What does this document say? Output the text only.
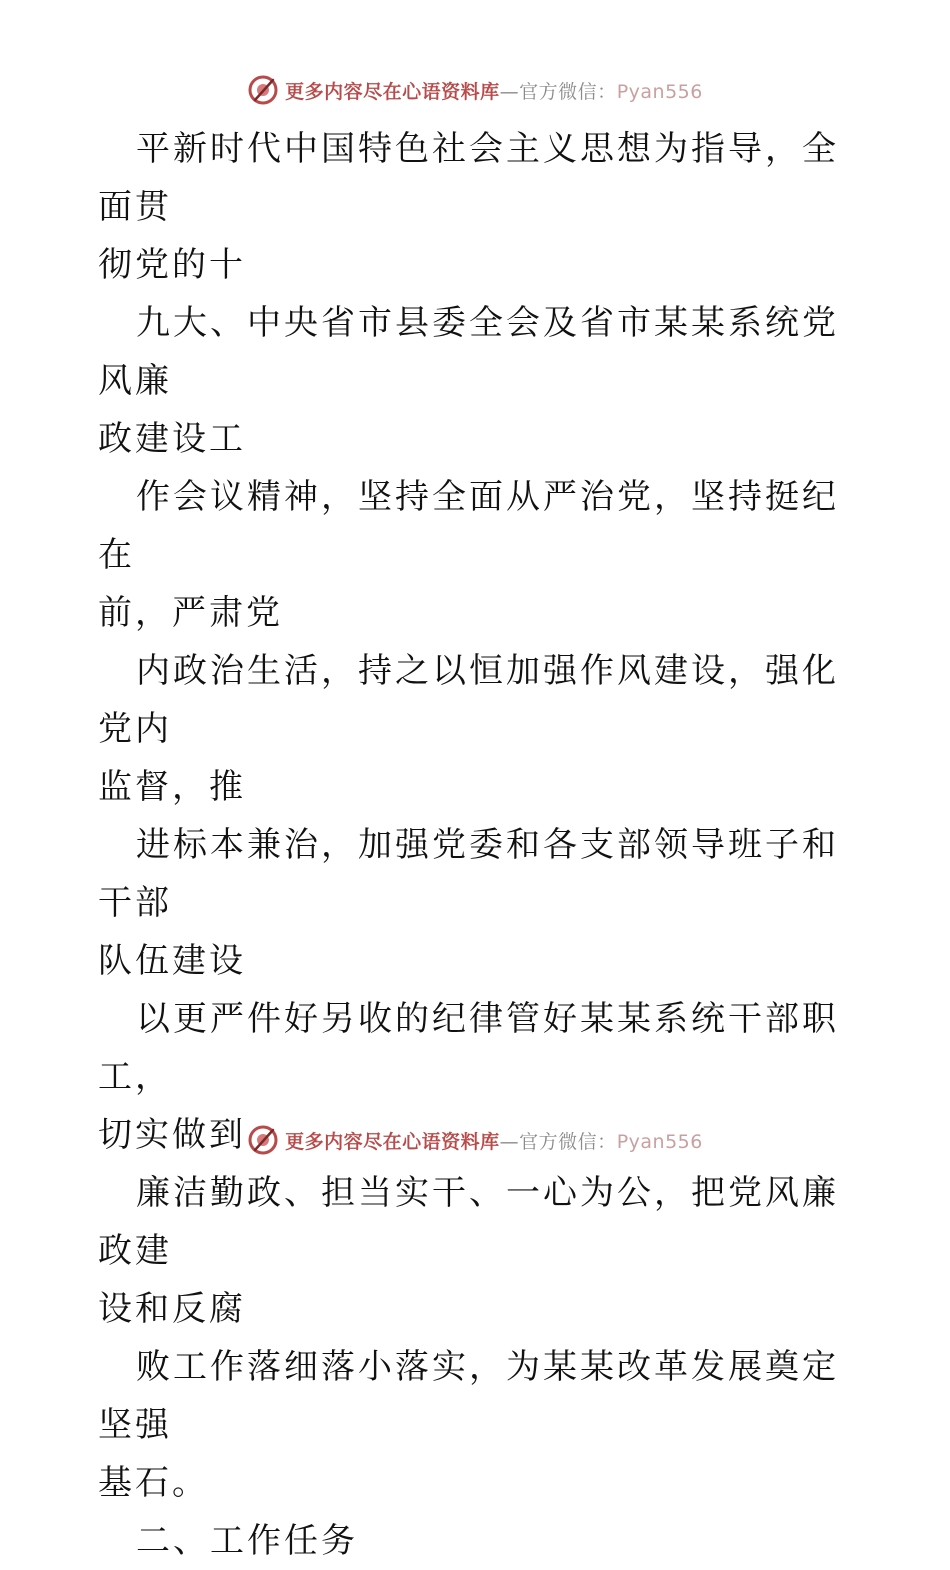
更多内容尽在心语资料库—官方微信：Pyan556

平新时代中国特色社会主义思想为指导，全面贯

彻党的十

九大、中央省市县委全会及省市某某系统党风廉

政建设工

作会议精神，坚持全面从严治党，坚持挺纪在

前，严肃党

内政治生活，持之以恒加强作风建设，强化党内

监督，推

进标本兼治，加强党委和各支部领导班子和干部

队伍建设

以更严件好另收的纪律管好某某系统干部职工，

切实做到

廉洁勤政、担当实干、一心为公，把党风廉政建

设和反腐

败工作落细落小落实，为某某改革发展奠定坚强

基石。

二、工作任务

更多内容尽在心语资料库—官方微信：Pyan556
